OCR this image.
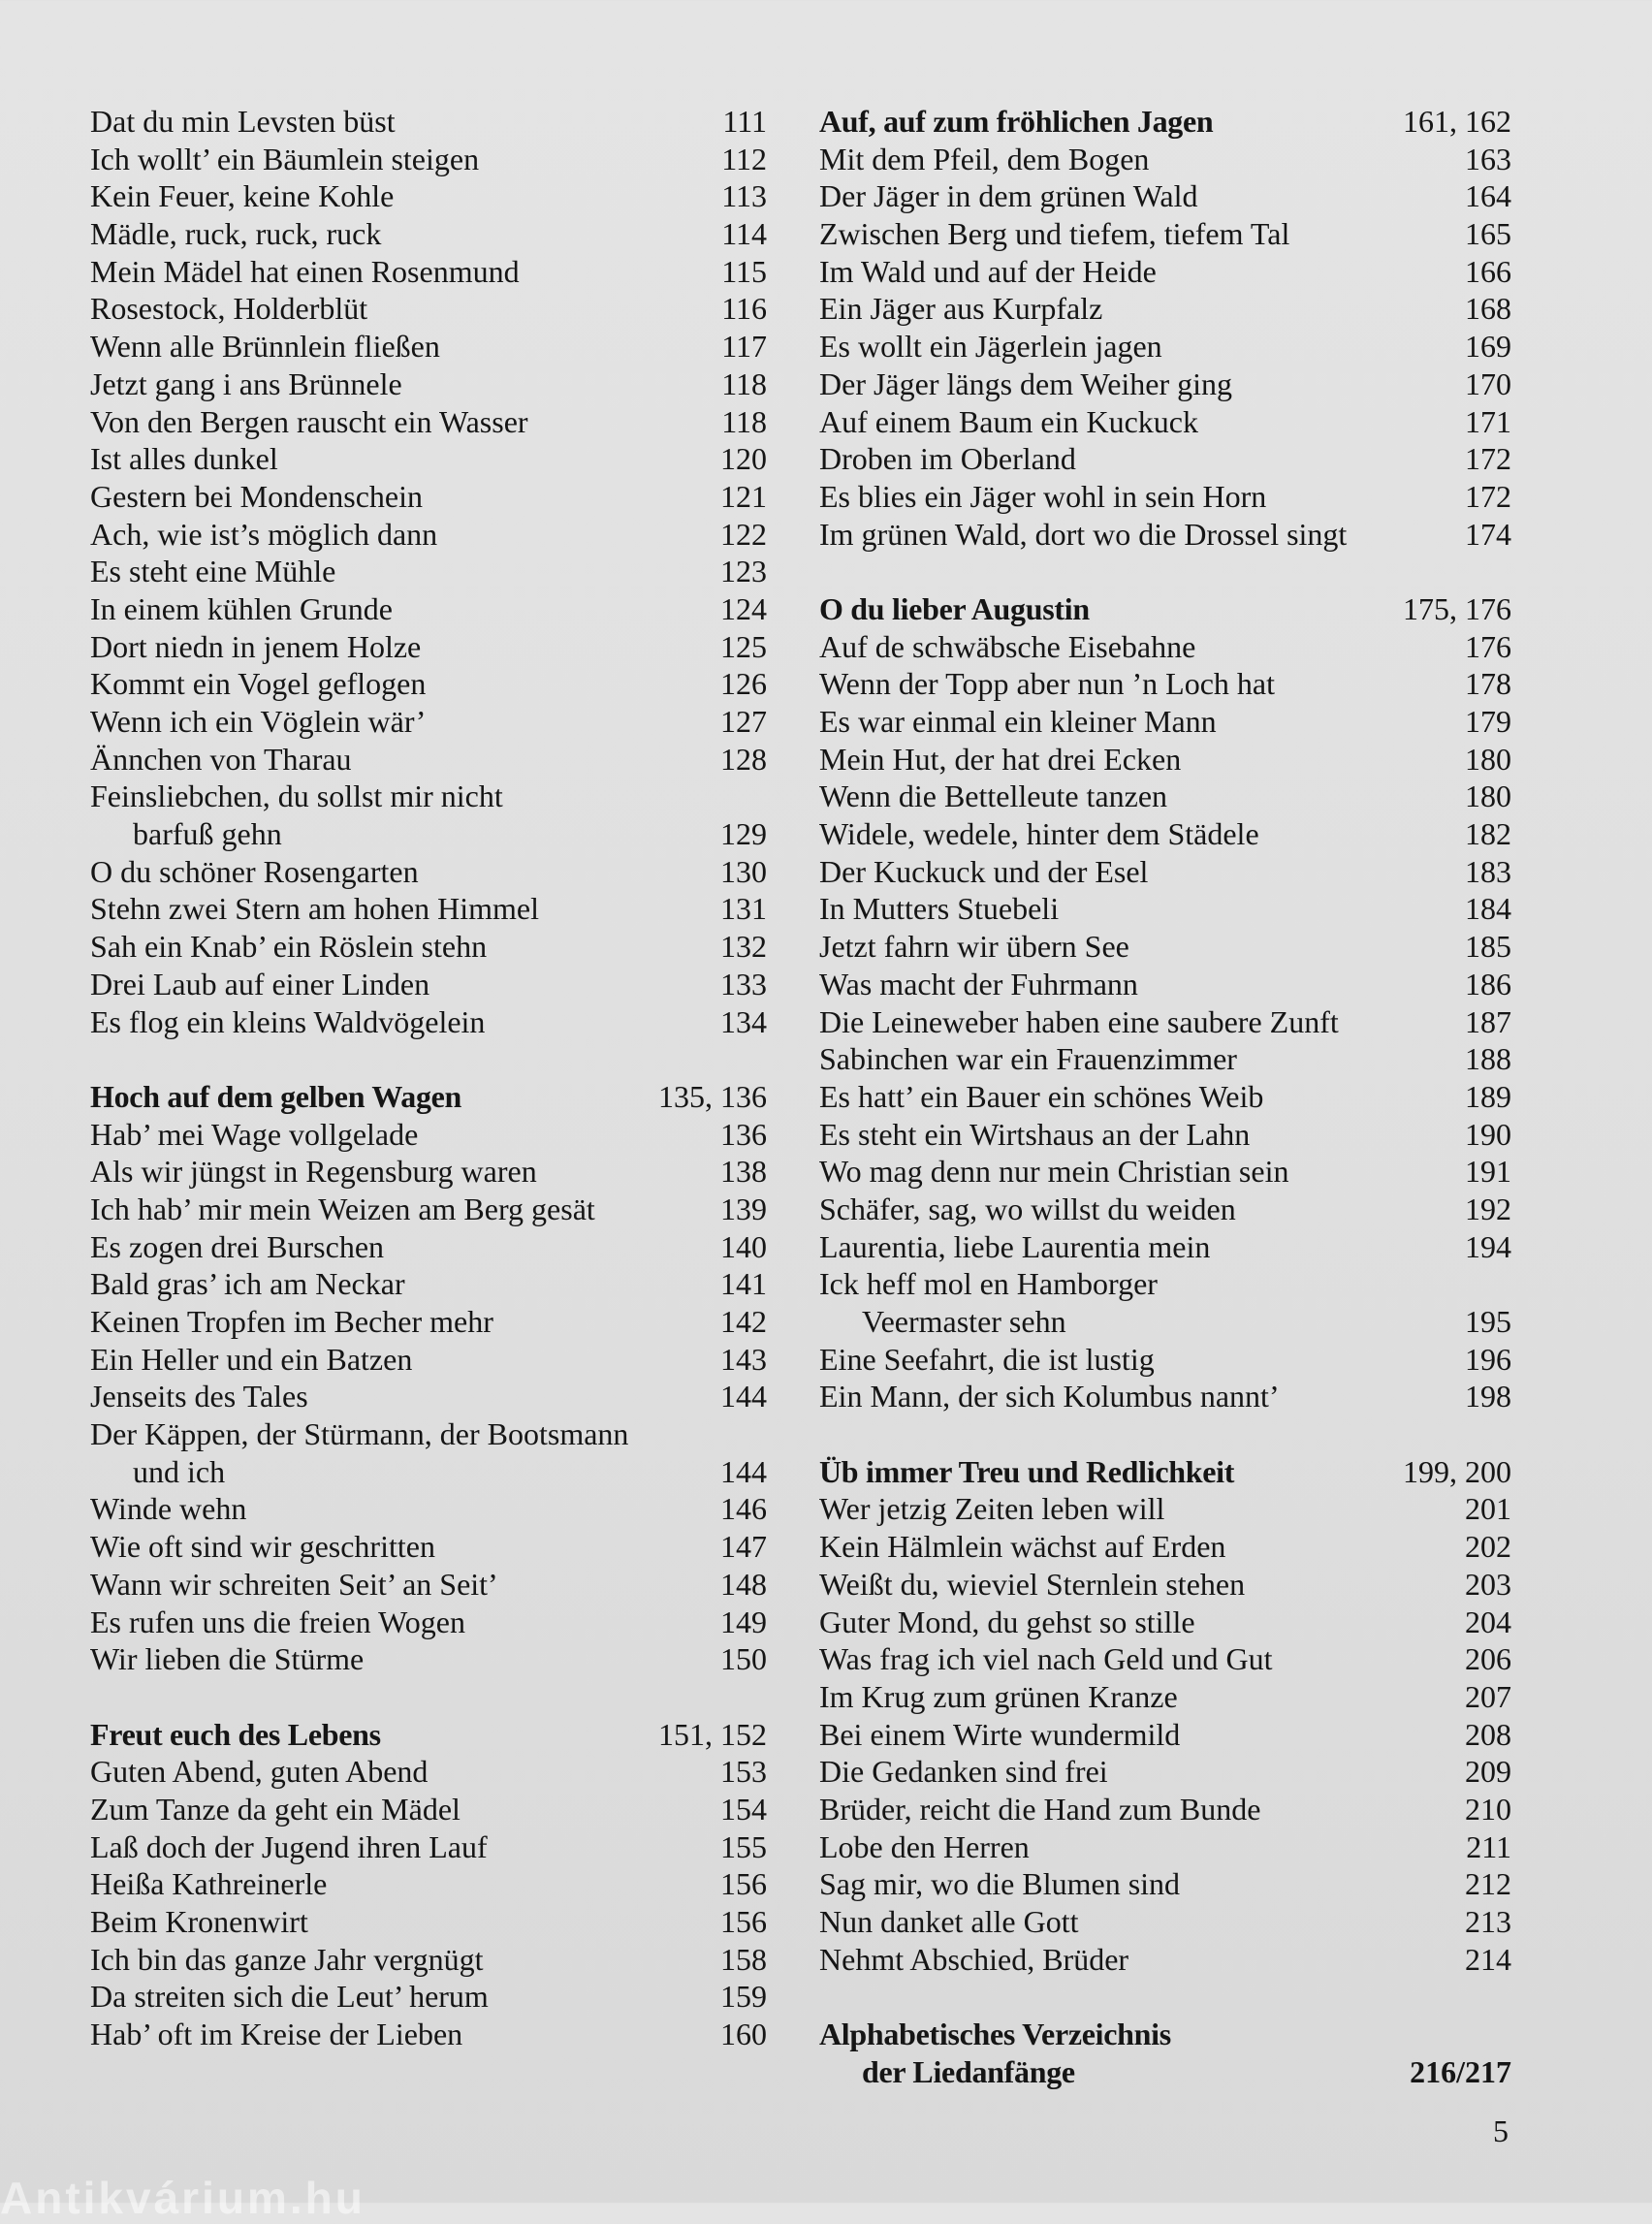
Dat du min Levsten büst	111
Ich wollt’ ein Bäumlein steigen	112
Kein Feuer, keine Kohle	113
Mädle, ruck, ruck, ruck	114
Mein Mädel hat einen Rosenmund	115
Rosestock, Holderblüt	116
Wenn alle Brünnlein fließen	117
Jetzt gang i ans Brünnele	118
Von den Bergen rauscht ein Wasser	118
Ist alles dunkel	120
Gestern bei Mondenschein	121
Ach, wie ist’s möglich dann	122
Es steht eine Mühle	123
In einem kühlen Grunde	124
Dort niedn in jenem Holze	125
Kommt ein Vogel geflogen	126
Wenn ich ein Vöglein wär’	127
Ännchen von Tharau	128
Feinsliebchen, du sollst mir nicht
barfuß gehn	129
O du schöner Rosengarten	130
Stehn zwei Stern am hohen Himmel	131
Sah ein Knab’ ein Röslein stehn	132
Drei Laub auf einer Linden	133
Es flog ein kleins Waldvögelein	134
Hoch auf dem gelben Wagen	135, 136
Hab’ mei Wage vollgelade	136
Als wir jüngst in Regensburg waren	138
Ich hab’ mir mein Weizen am Berg gesät	139
Es zogen drei Burschen	140
Bald gras’ ich am Neckar	141
Keinen Tropfen im Becher mehr	142
Ein Heller und ein Batzen	143
Jenseits des Tales	144
Der Käppen, der Stürmann, der Bootsmann
und ich	144
Winde wehn	146
Wie oft sind wir geschritten	147
Wann wir schreiten Seit’ an Seit’	148
Es rufen uns die freien Wogen	149
Wir lieben die Stürme	150
Freut euch des Lebens	151, 152
Guten Abend, guten Abend	153
Zum Tanze da geht ein Mädel	154
Laß doch der Jugend ihren Lauf	155
Heißa Kathreinerle	156
Beim Kronenwirt	156
Ich bin das ganze Jahr vergnügt	158
Da streiten sich die Leut’ herum	159
Hab’ oft im Kreise der Lieben	160
Auf, auf zum fröhlichen Jagen	161, 162
Mit dem Pfeil, dem Bogen	163
Der Jäger in dem grünen Wald	164
Zwischen Berg und tiefem, tiefem Tal	165
Im Wald und auf der Heide	166
Ein Jäger aus Kurpfalz	168
Es wollt ein Jägerlein jagen	169
Der Jäger längs dem Weiher ging	170
Auf einem Baum ein Kuckuck	171
Droben im Oberland	172
Es blies ein Jäger wohl in sein Horn	172
Im grünen Wald, dort wo die Drossel singt	174
O du lieber Augustin	175, 176
Auf de schwäbsche Eisebahne	176
Wenn der Topp aber nun ’n Loch hat	178
Es war einmal ein kleiner Mann	179
Mein Hut, der hat drei Ecken	180
Wenn die Bettelleute tanzen	180
Widele, wedele, hinter dem Städele	182
Der Kuckuck und der Esel	183
In Mutters Stuebeli	184
Jetzt fahrn wir übern See	185
Was macht der Fuhrmann	186
Die Leineweber haben eine saubere Zunft	187
Sabinchen war ein Frauenzimmer	188
Es hatt’ ein Bauer ein schönes Weib	189
Es steht ein Wirtshaus an der Lahn	190
Wo mag denn nur mein Christian sein	191
Schäfer, sag, wo willst du weiden	192
Laurentia, liebe Laurentia mein	194
Ick heff mol en Hamborger
Veermaster sehn	195
Eine Seefahrt, die ist lustig	196
Ein Mann, der sich Kolumbus nannt’	198
Üb immer Treu und Redlichkeit	199, 200
Wer jetzig Zeiten leben will	201
Kein Hälmlein wächst auf Erden	202
Weißt du, wieviel Sternlein stehen	203
Guter Mond, du gehst so stille	204
Was frag ich viel nach Geld und Gut	206
Im Krug zum grünen Kranze	207
Bei einem Wirte wundermild	208
Die Gedanken sind frei	209
Brüder, reicht die Hand zum Bunde	210
Lobe den Herren	211
Sag mir, wo die Blumen sind	212
Nun danket alle Gott	213
Nehmt Abschied, Brüder	214
Alphabetisches Verzeichnis
der Liedanfänge	216/217
5
Antikvárium.hu
